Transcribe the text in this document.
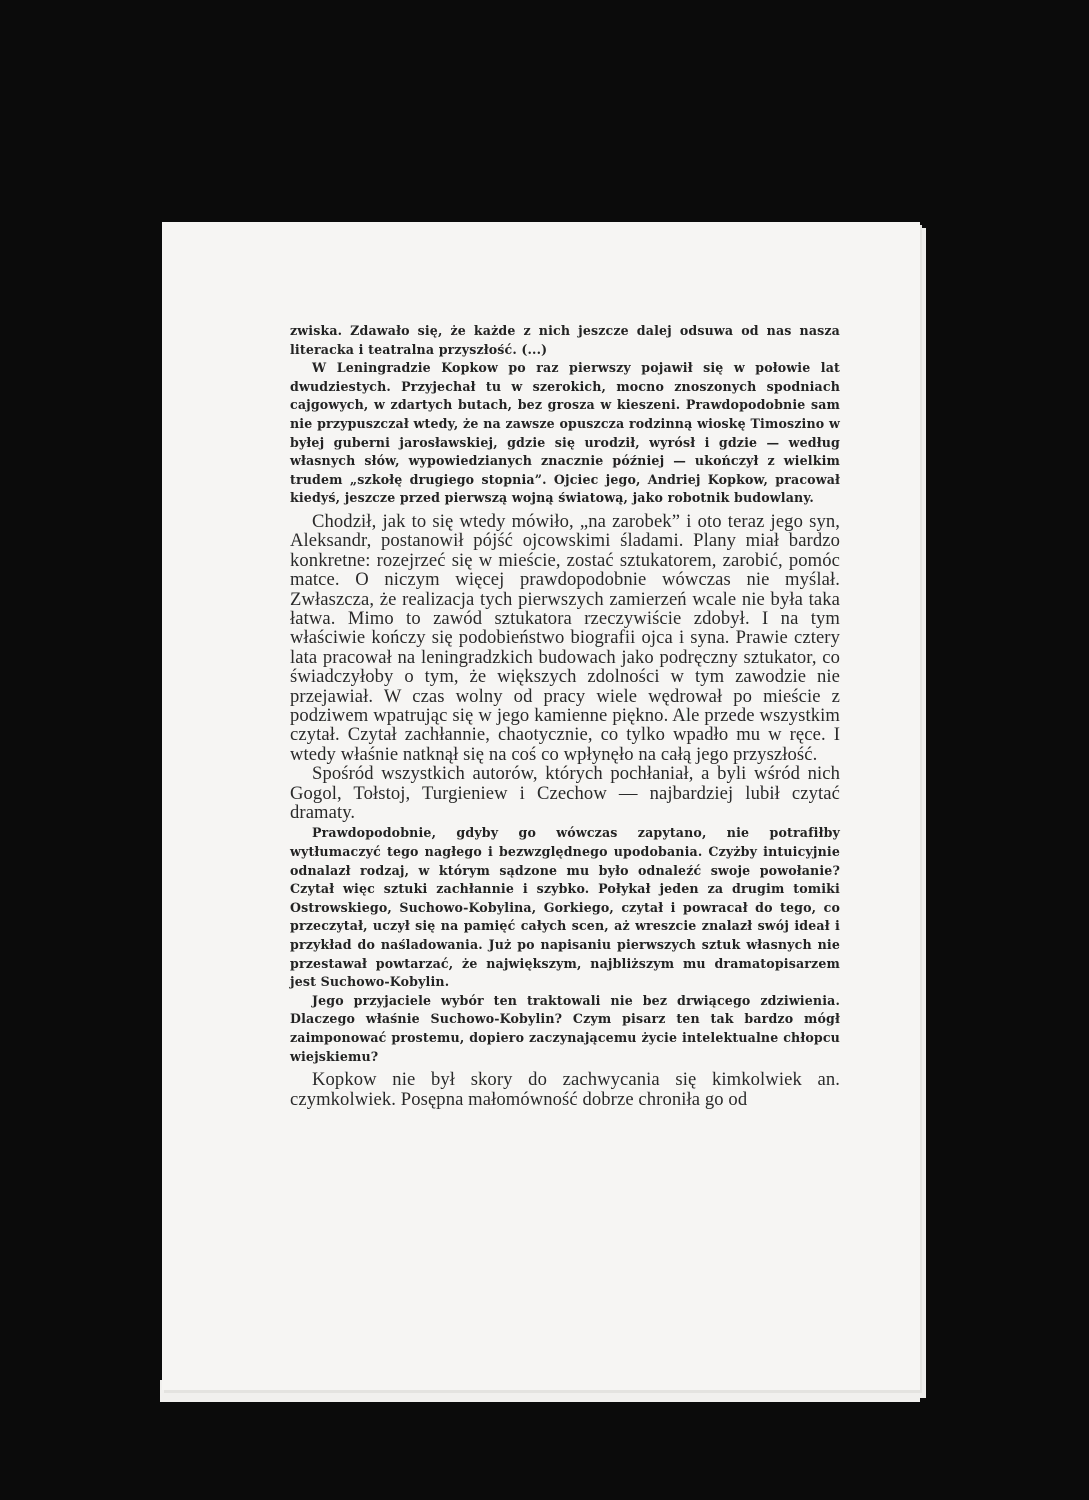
zwiska. Zdawało się, że każde z nich jeszcze dalej odsuwa od nas nasza literacka i teatralna przyszłość. (...)

W Leningradzie Kopkow po raz pierwszy pojawił się w połowie lat dwudziestych. Przyjechał tu w szerokich, mocno znoszonych spodniach cajgowych, w zdartych butach, bez grosza w kieszeni. Prawdopodobnie sam nie przypuszczał wtedy, że na zawsze opuszcza rodzinną wioskę Timoszino w byłej guberni jarosławskiej, gdzie się urodził, wyrósł i gdzie — według własnych słów, wypowiedzianych znacznie później — ukończył z wielkim trudem „szkołę drugiego stopnia”. Ojciec jego, Andriej Kopkow, pracował kiedyś, jeszcze przed pierwszą wojną światową, jako robotnik budowlany.

Chodził, jak to się wtedy mówiło, „na zarobek” i oto teraz jego syn, Aleksandr, postanowił pójść ojcowskimi śladami. Plany miał bardzo konkretne: rozejrzeć się w mieście, zostać sztukatorem, zarobić, pomóc matce. O niczym więcej prawdopodobnie wówczas nie myślał. Zwłaszcza, że realizacja tych pierwszych zamierzeń wcale nie była taka łatwa. Mimo to zawód sztukatora rzeczywiście zdobył. I na tym właściwie kończy się podobieństwo biografii ojca i syna. Prawie cztery lata pracował na leningradzkich budowach jako podręczny sztukator, co świadczyłoby o tym, że większych zdolności w tym zawodzie nie przejawiał. W czas wolny od pracy wiele wędrował po mieście z podziwem wpatrując się w jego kamienne piękno. Ale przede wszystkim czytał. Czytał zachłannie, chaotycznie, co tylko wpadło mu w ręce. I wtedy właśnie natknął się na coś co wpłynęło na całą jego przyszłość.

Spośród wszystkich autorów, których pochłaniał, a byli wśród nich Gogol, Tołstoj, Turgieniew i Czechow — najbardziej lubił czytać dramaty.

Prawdopodobnie, gdyby go wówczas zapytano, nie potrafiłby wytłumaczyć tego nagłego i bezwzględnego upodobania. Czyżby intuicyjnie odnalazł rodzaj, w którym sądzone mu było odnaleźć swoje powołanie? Czytał więc sztuki zachłannie i szybko. Połykał jeden za drugim tomiki Ostrowskiego, Suchowo-Kobylina, Gorkiego, czytał i powracał do tego, co przeczytał, uczył się na pamięć całych scen, aż wreszcie znalazł swój ideał i przykład do naśladowania. Już po napisaniu pierwszych sztuk własnych nie przestawał powtarzać, że największym, najbliższym mu dramatopisarzem jest Suchowo-Kobylin.

Jego przyjaciele wybór ten traktowali nie bez drwiącego zdziwienia. Dlaczego właśnie Suchowo-Kobylin? Czym pisarz ten tak bardzo mógł zaimponować prostemu, dopiero zaczynającemu życie intelektualne chłopcu wiejskiemu?

Kopkow nie był skory do zachwycania się kimkolwiek an. czymkolwiek. Posępna małomówność dobrze chroniła go od
